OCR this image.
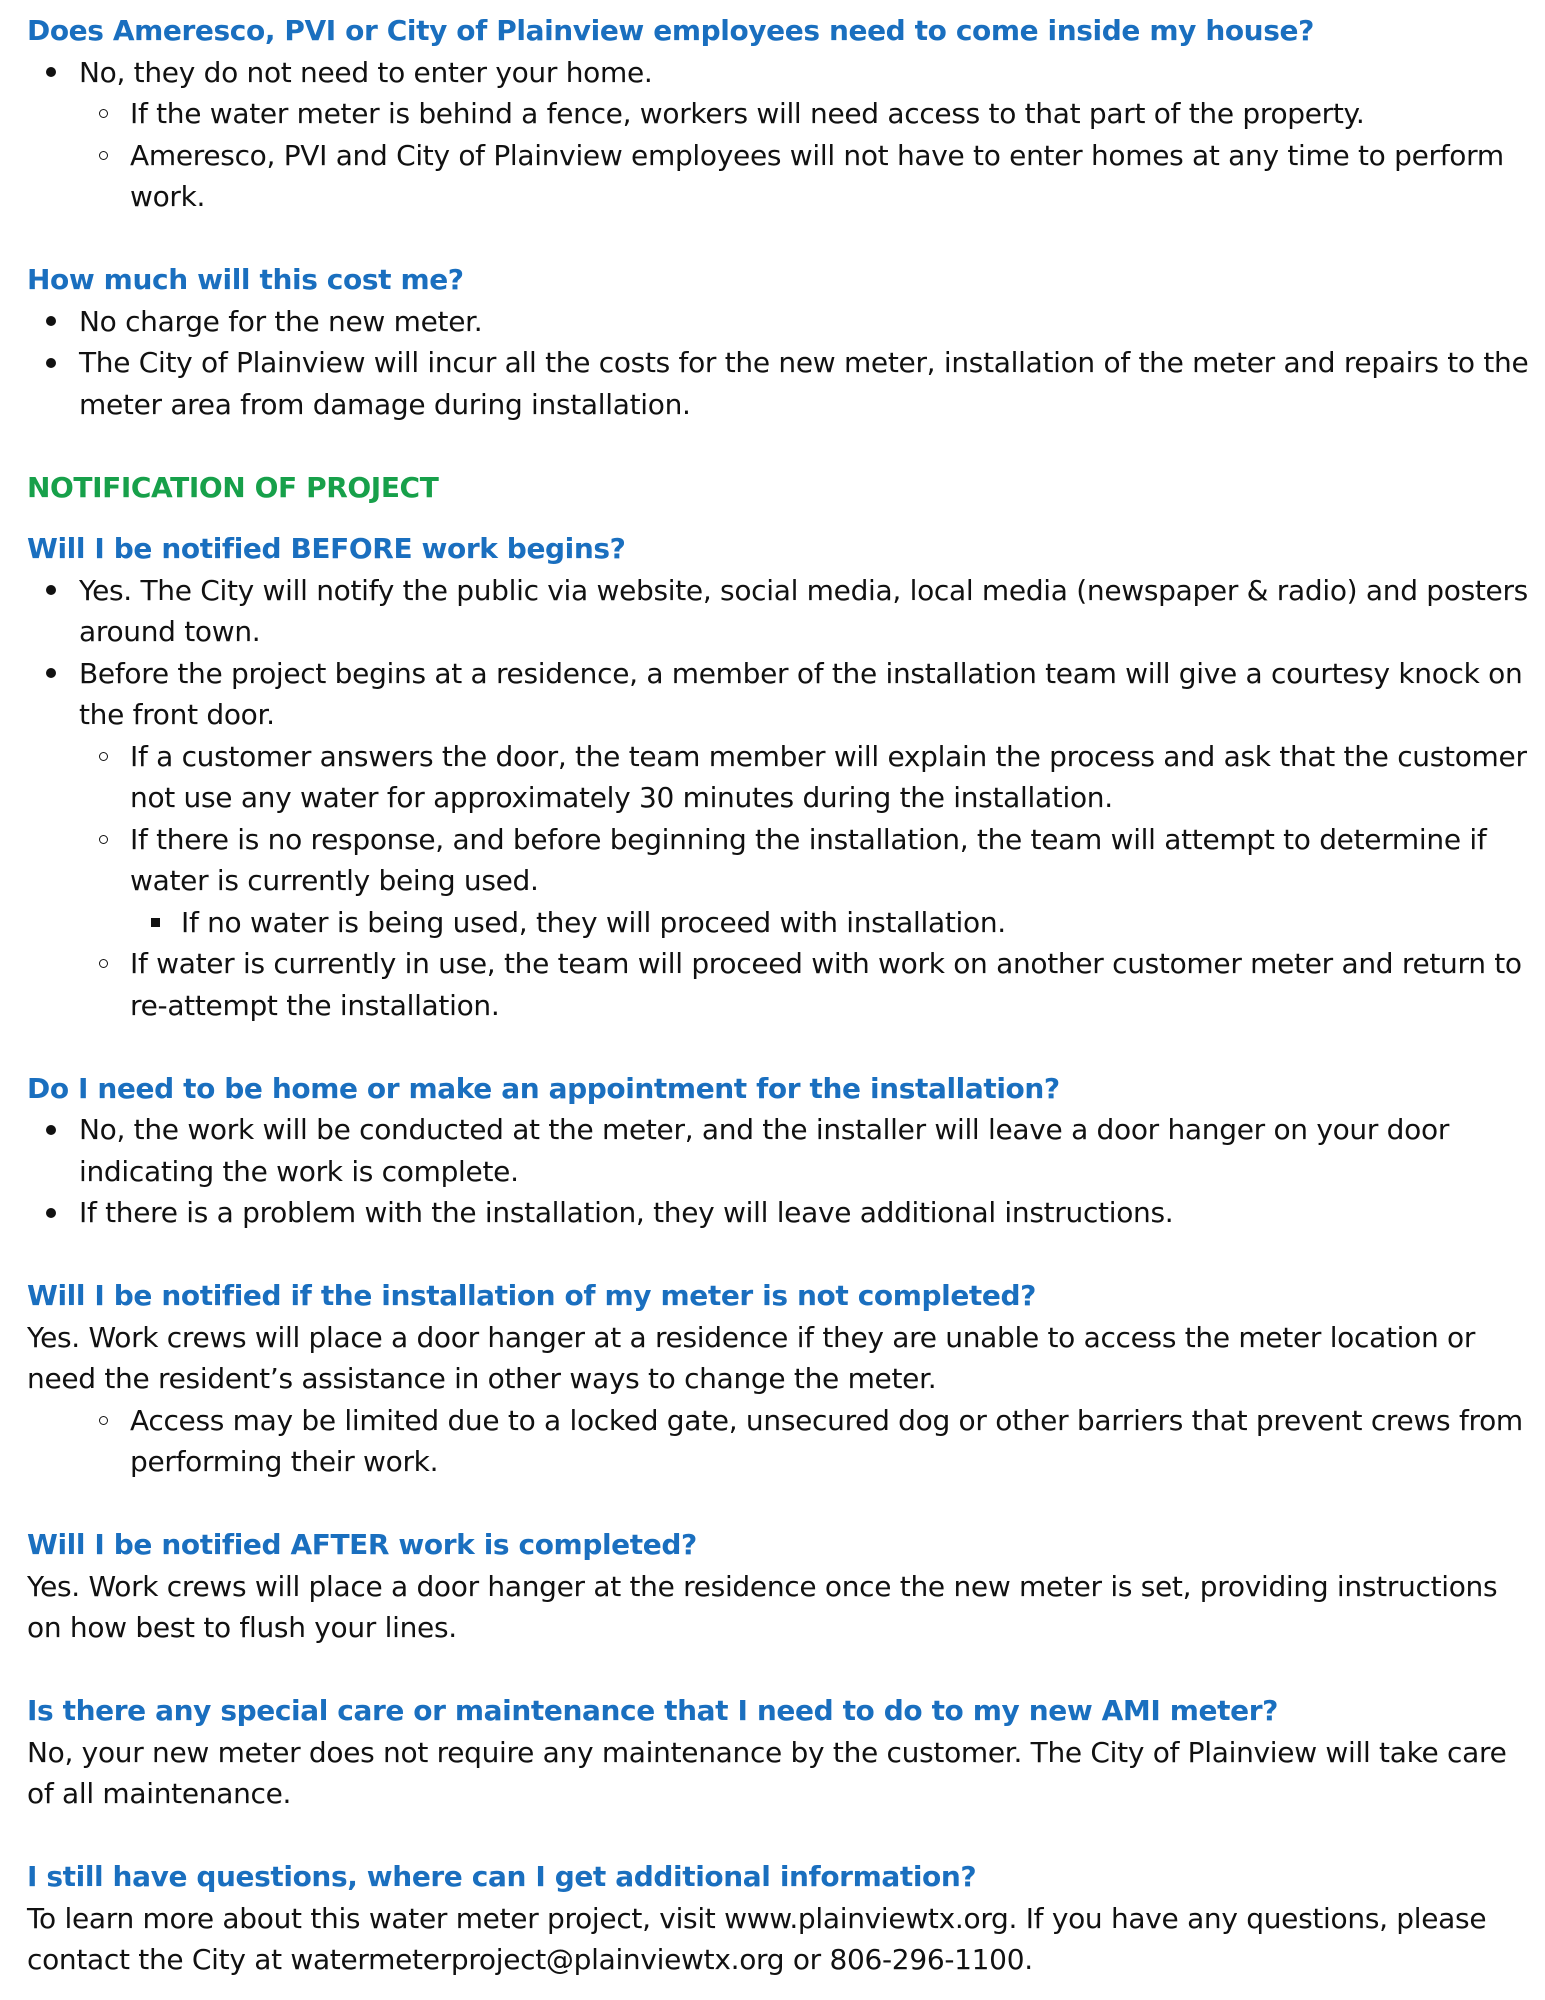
Does Ameresco, PVI or City of Plainview employees need to come inside my house?

No, they do not need to enter your home.
If the water meter is behind a fence, workers will need access to that part of the property.
Ameresco, PVI and City of Plainview employees will not have to enter homes at any time to perform work.

How much will this cost me?

No charge for the new meter.
The City of Plainview will incur all the costs for the new meter, installation of the meter and repairs to the meter area from damage during installation.

NOTIFICATION OF PROJECT

Will I be notified BEFORE work begins?

Yes. The City will notify the public via website, social media, local media (newspaper & radio) and posters around town.
Before the project begins at a residence, a member of the installation team will give a courtesy knock on the front door.
If a customer answers the door, the team member will explain the process and ask that the customer not use any water for approximately 30 minutes during the installation.
If there is no response, and before beginning the installation, the team will attempt to determine if water is currently being used.
If no water is being used, they will proceed with installation.
If water is currently in use, the team will proceed with work on another customer meter and return to re-attempt the installation.

Do I need to be home or make an appointment for the installation?

No, the work will be conducted at the meter, and the installer will leave a door hanger on your door indicating the work is complete.
If there is a problem with the installation, they will leave additional instructions.

Will I be notified if the installation of my meter is not completed?

Yes. Work crews will place a door hanger at a residence if they are unable to access the meter location or need the resident’s assistance in other ways to change the meter.

Access may be limited due to a locked gate, unsecured dog or other barriers that prevent crews from performing their work.

Will I be notified AFTER work is completed?

Yes. Work crews will place a door hanger at the residence once the new meter is set, providing instructions on how best to flush your lines.

Is there any special care or maintenance that I need to do to my new AMI meter?

No, your new meter does not require any maintenance by the customer. The City of Plainview will take care of all maintenance.

I still have questions, where can I get additional information?

To learn more about this water meter project, visit www.plainviewtx.org. If you have any questions, please contact the City at watermeterproject@plainviewtx.org or 806-296-1100.
